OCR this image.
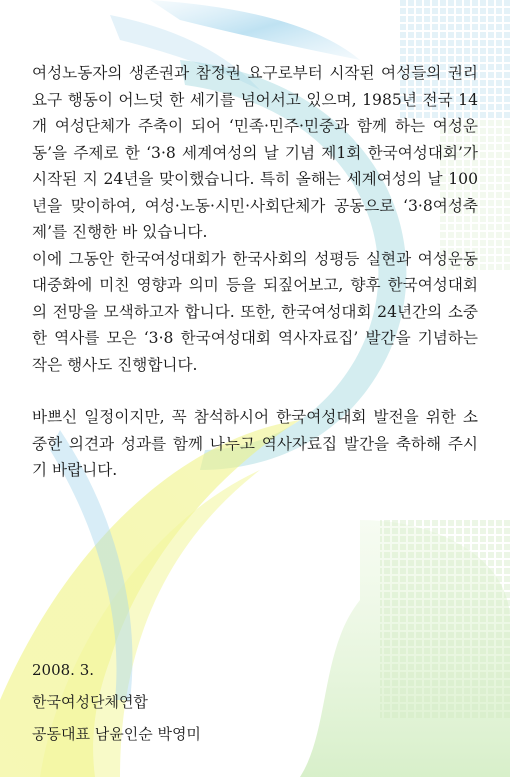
여성노동자의 생존권과 참정권 요구로부터 시작된 여성들의 권리 요구 행동이 어느덧 한 세기를 넘어서고 있으며, 1985년 전국 14개 여성단체가 주축이 되어 ‘민족·민주·민중과 함께 하는 여성운동’을 주제로 한 ‘3·8 세계여성의 날 기념 제1회 한국여성대회’가 시작된 지 24년을 맞이했습니다. 특히 올해는 세계여성의 날 100년을 맞이하여, 여성·노동·시민·사회단체가 공동으로 ‘3·8여성축제’를 진행한 바 있습니다.

이에 그동안 한국여성대회가 한국사회의 성평등 실현과 여성운동 대중화에 미친 영향과 의미 등을 되짚어보고, 향후 한국여성대회의 전망을 모색하고자 합니다. 또한, 한국여성대회 24년간의 소중한 역사를 모은 ‘3·8 한국여성대회 역사자료집’ 발간을 기념하는 작은 행사도 진행합니다.

바쁘신 일정이지만, 꼭 참석하시어 한국여성대회 발전을 위한 소중한 의견과 성과를 함께 나누고 역사자료집 발간을 축하해 주시기 바랍니다.

2008. 3.
한국여성단체연합
공동대표 남윤인순 박영미
